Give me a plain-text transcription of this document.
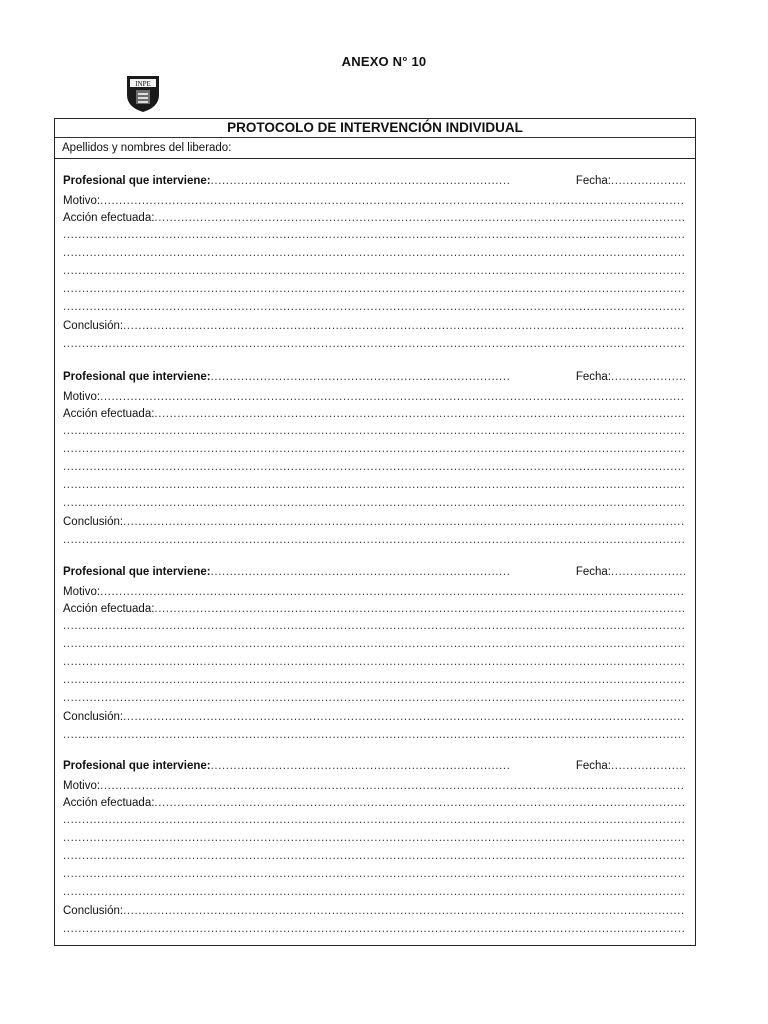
ANEXO N° 10
INPE
PROTOCOLO DE INTERVENCIÓN INDIVIDUAL
Apellidos y nombres del liberado:
Profesional que interviene: .....	Fecha:
.....
Motivo:
.....
Acción efectuada:
.....
.....
.....
.....
.....
.....
Conclusión:
.....
.....
Profesional que interviene: .....	Fecha:
.....
Motivo:
.....
Acción efectuada:
.....
.....
.....
.....
.....
.....
Conclusión:
.....
.....
Profesional que interviene: .....	Fecha:
.....
Motivo:
.....
Acción efectuada:
.....
.....
.....
.....
.....
.....
Conclusión:
.....
.....
Profesional que interviene: .....	Fecha:
.....
Motivo:
.....
Acción efectuada:
.....
.....
.....
.....
.....
.....
Conclusión:
.....
.....
